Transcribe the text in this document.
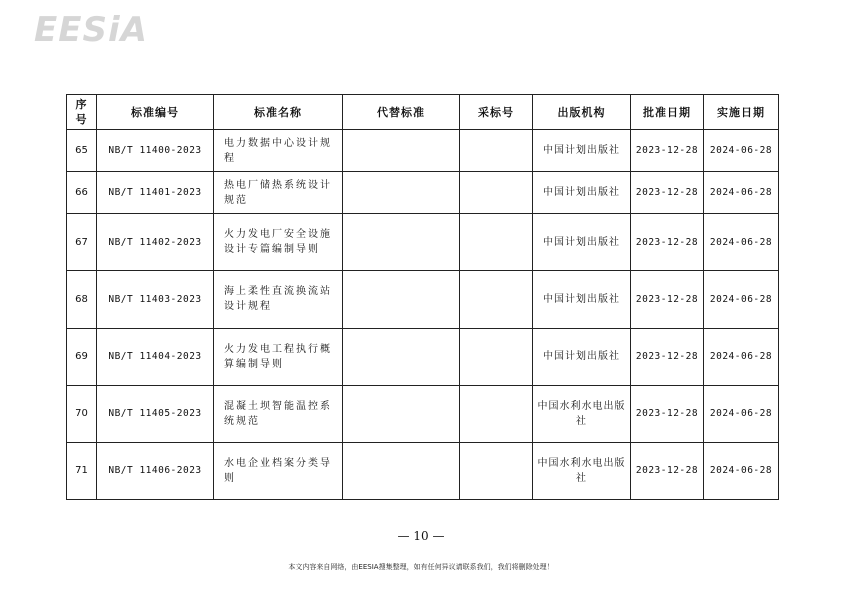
EESiA
序号	标准编号	标准名称	代替标准	采标号	出版机构	批准日期	实施日期
65	NB/T 11400-2023	电力数据中心设计规程			中国计划出版社	2023-12-28	2024-06-28
66	NB/T 11401-2023	热电厂储热系统设计规范			中国计划出版社	2023-12-28	2024-06-28
67	NB/T 11402-2023	火力发电厂安全设施设计专篇编制导则			中国计划出版社	2023-12-28	2024-06-28
68	NB/T 11403-2023	海上柔性直流换流站设计规程			中国计划出版社	2023-12-28	2024-06-28
69	NB/T 11404-2023	火力发电工程执行概算编制导则			中国计划出版社	2023-12-28	2024-06-28
70	NB/T 11405-2023	混凝土坝智能温控系统规范			中国水利水电出版社	2023-12-28	2024-06-28
71	NB/T 11406-2023	水电企业档案分类导则			中国水利水电出版社	2023-12-28	2024-06-28
— 10 —
本文内容来自网络，由EESIA搜集整理，如有任何异议请联系我们，我们将删除处理！
